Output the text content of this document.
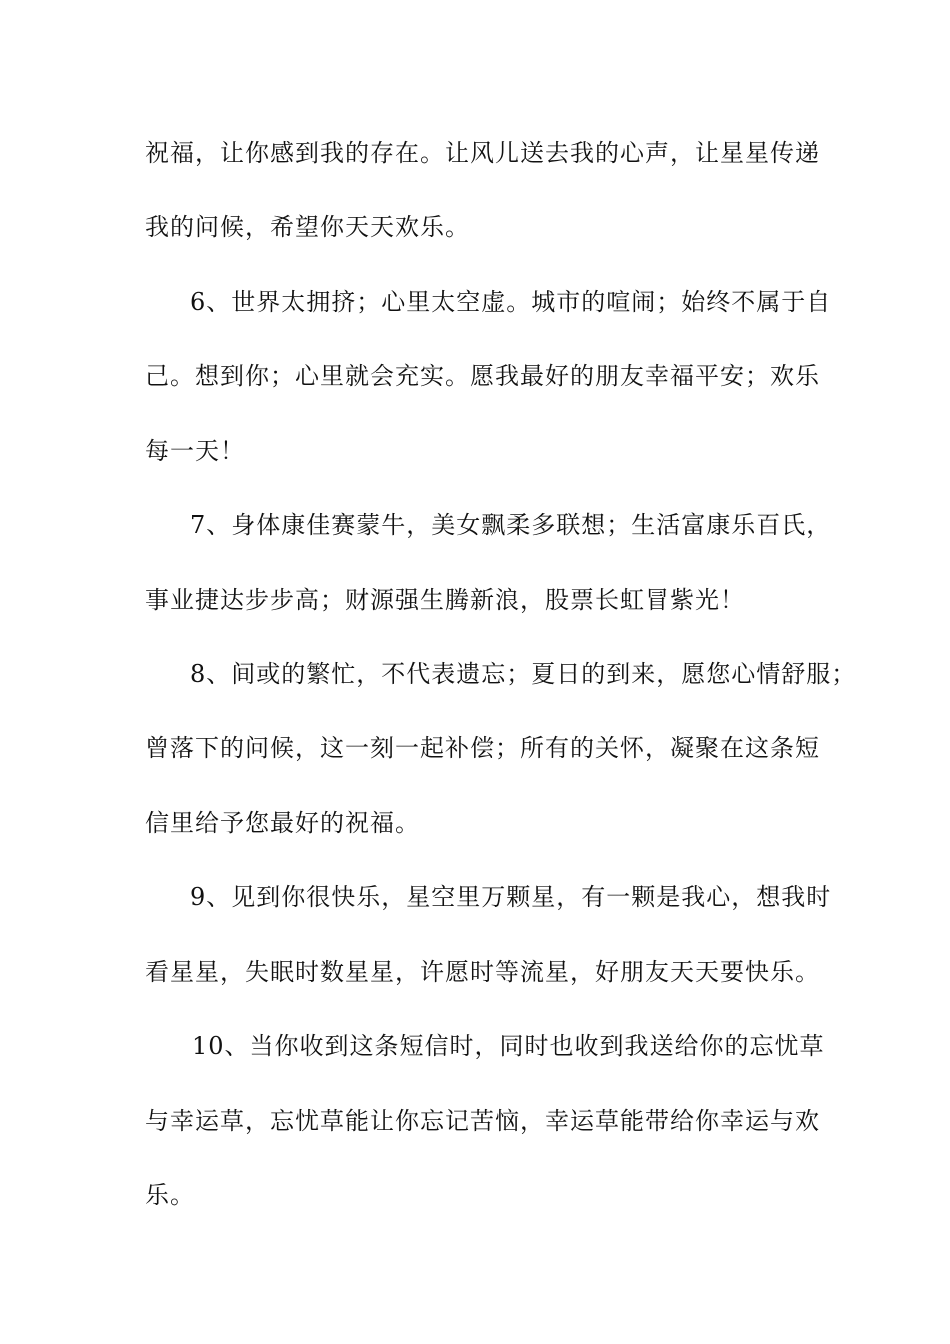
祝福，让你感到我的存在。让风儿送去我的心声，让星星传递
我的问候，希望你天天欢乐。
6、世界太拥挤；心里太空虚。城市的喧闹；始终不属于自
己。想到你；心里就会充实。愿我最好的朋友幸福平安；欢乐
每一天！
7、身体康佳赛蒙牛，美女飘柔多联想；生活富康乐百氏，
事业捷达步步高；财源强生腾新浪，股票长虹冒紫光！
8、间或的繁忙，不代表遗忘；夏日的到来，愿您心情舒服；
曾落下的问候，这一刻一起补偿；所有的关怀，凝聚在这条短
信里给予您最好的祝福。
9、见到你很快乐，星空里万颗星，有一颗是我心，想我时
看星星，失眠时数星星，许愿时等流星，好朋友天天要快乐。
10、当你收到这条短信时，同时也收到我送给你的忘忧草
与幸运草，忘忧草能让你忘记苦恼，幸运草能带给你幸运与欢
乐。
